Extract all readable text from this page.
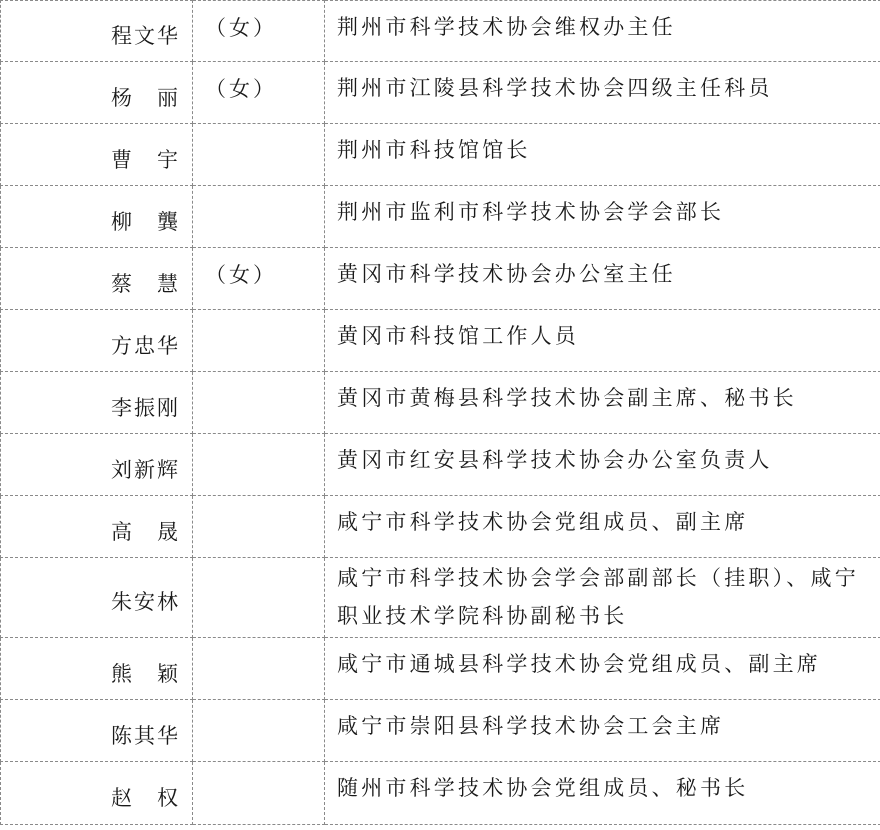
程文华	（女）	荆州市科学技术协会维权办主任
杨　丽	（女）	荆州市江陵县科学技术协会四级主任科员
曹　宇		荆州市科技馆馆长
柳　龔		荆州市监利市科学技术协会学会部长
蔡　慧	（女）	黄冈市科学技术协会办公室主任
方忠华		黄冈市科技馆工作人员
李振刚		黄冈市黄梅县科学技术协会副主席、秘书长
刘新辉		黄冈市红安县科学技术协会办公室负责人
高　晟		咸宁市科学技术协会党组成员、副主席
朱安林		咸宁市科学技术协会学会部副部长（挂职）、咸宁职业技术学院科协副秘书长
熊　颖		咸宁市通城县科学技术协会党组成员、副主席
陈其华		咸宁市崇阳县科学技术协会工会主席
赵　权		随州市科学技术协会党组成员、秘书长
